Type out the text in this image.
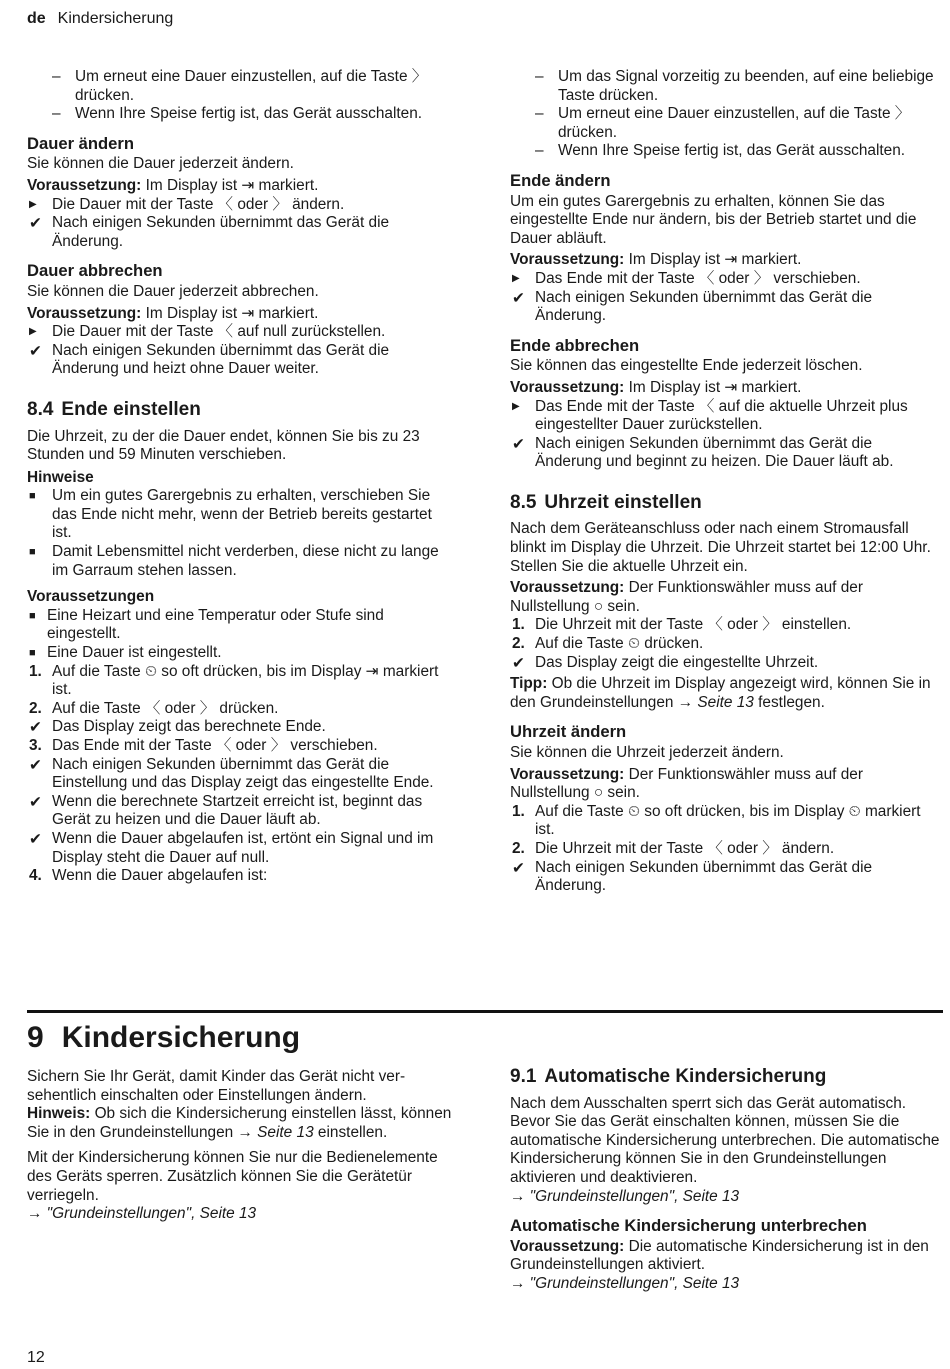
de Kindersicherung
– Um erneut eine Dauer einzustellen, auf die Taste 〉 drücken.
– Wenn Ihre Speise fertig ist, das Gerät ausschalten.
Dauer ändern

Sie können die Dauer jederzeit ändern.

Voraussetzung: Im Display ist ⇥ markiert.

▶ Die Dauer mit der Taste 〈 oder 〉 ändern.
✔ Nach einigen Sekunden übernimmt das Gerät die Änderung.
Dauer abbrechen

Sie können die Dauer jederzeit abbrechen.

Voraussetzung: Im Display ist ⇥ markiert.

▶ Die Dauer mit der Taste 〈 auf null zurückstellen.
✔ Nach einigen Sekunden übernimmt das Gerät die Änderung und heizt ohne Dauer weiter.
8.4 Ende einstellen

Die Uhrzeit, zu der die Dauer endet, können Sie bis zu 23 Stunden und 59 Minuten verschieben.

Hinweise
■ Um ein gutes Garergebnis zu erhalten, verschieben Sie das Ende nicht mehr, wenn der Betrieb bereits gestartet ist.
■ Damit Lebensmittel nicht verderben, diese nicht zu lange im Garraum stehen lassen.
Voraussetzungen
■ Eine Heizart und eine Temperatur oder Stufe sind eingestellt.
■ Eine Dauer ist eingestellt.
1. Auf die Taste ⏲ so oft drücken, bis im Display ⇥ markiert ist.
2. Auf die Taste 〈 oder 〉 drücken.
✔ Das Display zeigt das berechnete Ende.
3. Das Ende mit der Taste 〈 oder 〉 verschieben.
✔ Nach einigen Sekunden übernimmt das Gerät die Einstellung und das Display zeigt das eingestellte Ende.
✔ Wenn die berechnete Startzeit erreicht ist, beginnt das Gerät zu heizen und die Dauer läuft ab.
✔ Wenn die Dauer abgelaufen ist, ertönt ein Signal und im Display steht die Dauer auf null.
4. Wenn die Dauer abgelaufen ist:
– Um das Signal vorzeitig zu beenden, auf eine beliebige Taste drücken.
– Um erneut eine Dauer einzustellen, auf die Taste 〉 drücken.
– Wenn Ihre Speise fertig ist, das Gerät ausschalten.
Ende ändern

Um ein gutes Garergebnis zu erhalten, können Sie das eingestellte Ende nur ändern, bis der Betrieb startet und die Dauer abläuft.

Voraussetzung: Im Display ist ⇥ markiert.

▶ Das Ende mit der Taste 〈 oder 〉 verschieben.
✔ Nach einigen Sekunden übernimmt das Gerät die Änderung.
Ende abbrechen

Sie können das eingestellte Ende jederzeit löschen.

Voraussetzung: Im Display ist ⇥ markiert.

▶ Das Ende mit der Taste 〈 auf die aktuelle Uhrzeit plus eingestellter Dauer zurückstellen.
✔ Nach einigen Sekunden übernimmt das Gerät die Änderung und beginnt zu heizen. Die Dauer läuft ab.
8.5 Uhrzeit einstellen

Nach dem Geräteanschluss oder nach einem Stromausfall blinkt im Display die Uhrzeit. Die Uhrzeit startet bei 12:00 Uhr. Stellen Sie die aktuelle Uhrzeit ein.

Voraussetzung: Der Funktionswähler muss auf der Nullstellung ○ sein.

1. Die Uhrzeit mit der Taste 〈 oder 〉 einstellen.
2. Auf die Taste ⏲ drücken.
✔ Das Display zeigt die eingestellte Uhrzeit.

Tipp: Ob die Uhrzeit im Display angezeigt wird, können Sie in den Grundeinstellungen → Seite 13 festlegen.

Uhrzeit ändern

Sie können die Uhrzeit jederzeit ändern.

Voraussetzung: Der Funktionswähler muss auf der Nullstellung ○ sein.

1. Auf die Taste ⏲ so oft drücken, bis im Display ⏲ markiert ist.
2. Die Uhrzeit mit der Taste 〈 oder 〉 ändern.
✔ Nach einigen Sekunden übernimmt das Gerät die Änderung.
9 Kindersicherung

Sichern Sie Ihr Gerät, damit Kinder das Gerät nicht versehentlich einschalten oder Einstellungen ändern.

Hinweis: Ob sich die Kindersicherung einstellen lässt, können Sie in den Grundeinstellungen → Seite 13 einstellen.

Mit der Kindersicherung können Sie nur die Bedienelemente des Geräts sperren. Zusätzlich können Sie die Gerätetür verriegeln.

→ "Grundeinstellungen", Seite 13

9.1 Automatische Kindersicherung

Nach dem Ausschalten sperrt sich das Gerät automatisch. Bevor Sie das Gerät einschalten können, müssen Sie die automatische Kindersicherung unterbrechen. Die automatische Kindersicherung können Sie in den Grundeinstellungen aktivieren und deaktivieren.

→ "Grundeinstellungen", Seite 13

Automatische Kindersicherung unterbrechen

Voraussetzung: Die automatische Kindersicherung ist in den Grundeinstellungen aktiviert.

→ "Grundeinstellungen", Seite 13

12
